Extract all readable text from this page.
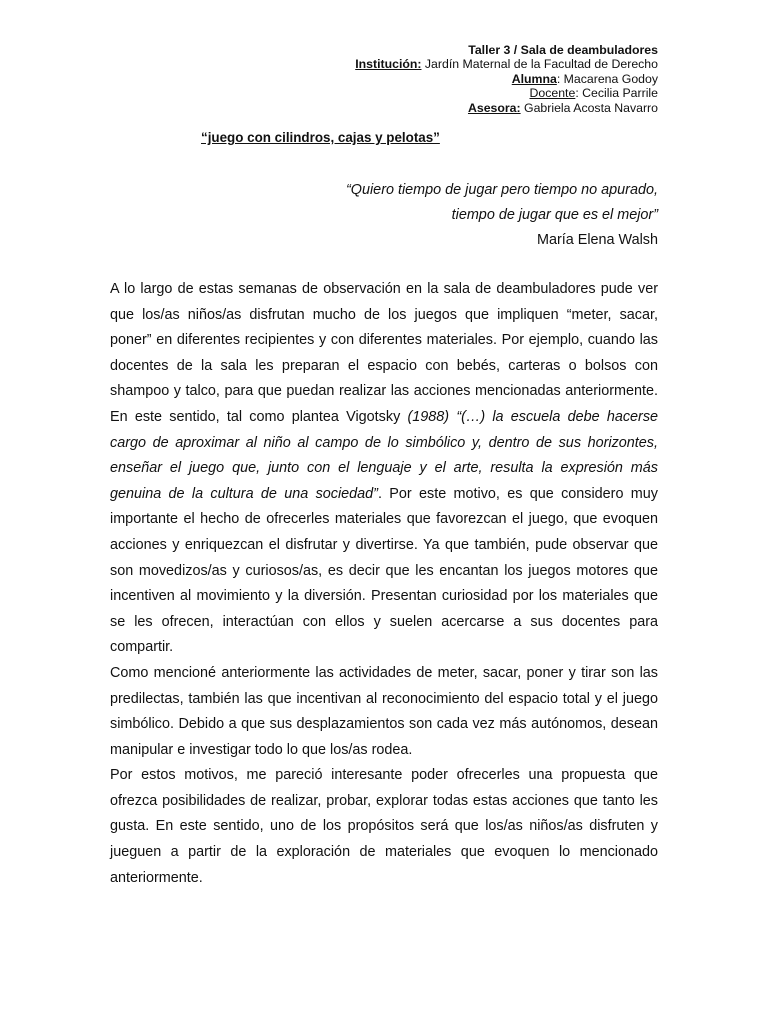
Taller 3 / Sala de deambuladores
Institución: Jardín Maternal de la Facultad de Derecho
Alumna: Macarena Godoy
Docente: Cecilia Parrile
Asesora: Gabriela Acosta Navarro
“juego con cilindros, cajas y pelotas”
“Quiero tiempo de jugar pero tiempo no apurado,
tiempo de jugar que es el mejor”
María Elena Walsh

A lo largo de estas semanas de observación en la sala de deambuladores pude ver que los/as niños/as disfrutan mucho de los juegos que impliquen “meter, sacar, poner” en diferentes recipientes y con diferentes materiales. Por ejemplo, cuando las docentes de la sala les preparan el espacio con bebés, carteras o bolsos con shampoo y talco, para que puedan realizar las acciones mencionadas anteriormente. En este sentido, tal como plantea Vigotsky (1988) “(…) la escuela debe hacerse cargo de aproximar al niño al campo de lo simbólico y, dentro de sus horizontes, enseñar el juego que, junto con el lenguaje y el arte, resulta la expresión más genuina de la cultura de una sociedad”. Por este motivo, es que considero muy importante el hecho de ofrecerles materiales que favorezcan el juego, que evoquen acciones y enriquezcan el disfrutar y divertirse. Ya que también, pude observar que son movedizos/as y curiosos/as, es decir que les encantan los juegos motores que incentiven al movimiento y la diversión. Presentan curiosidad por los materiales que se les ofrecen, interactúan con ellos y suelen acercarse a sus docentes para compartir.

Como mencioné anteriormente las actividades de meter, sacar, poner y tirar son las predilectas, también las que incentivan al reconocimiento del espacio total y el juego simbólico. Debido a que sus desplazamientos son cada vez más autónomos, desean manipular e investigar todo lo que los/as rodea.

Por estos motivos, me pareció interesante poder ofrecerles una propuesta que ofrezca posibilidades de realizar, probar, explorar todas estas acciones que tanto les gusta. En este sentido, uno de los propósitos será que los/as niños/as disfruten y jueguen a partir de la exploración de materiales que evoquen lo mencionado anteriormente.
